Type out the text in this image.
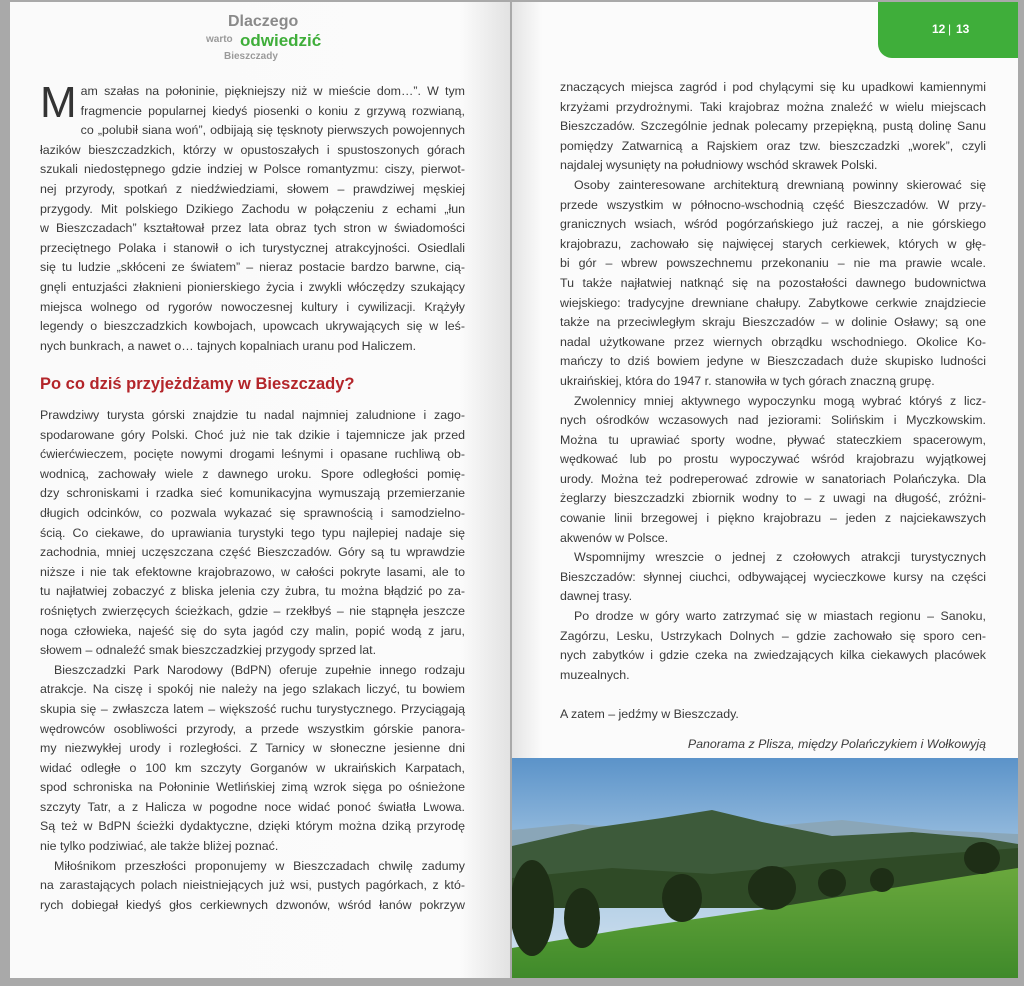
Dlaczego
warto odwiedzić
Bieszczady
M am szałas na połoninie, piękniejszy niż w mieście dom…”. W tym
fragmencie popularnej kiedyś piosenki o koniu z grzywą rozwianą,
co „polubił siana woń”, odbijają się tęsknoty pierwszych powojennych
łazików bieszczadzkich, którzy w opustoszałych i spustoszonych górach
szukali niedostępnego gdzie indziej w Polsce romantyzmu: ciszy, pierwot-
nej przyrody, spotkań z niedźwiedziami, słowem – prawdziwej męskiej
przygody. Mit polskiego Dzikiego Zachodu w połączeniu z echami „łun
w Bieszczadach” kształtował przez lata obraz tych stron w świadomości
przeciętnego Polaka i stanowił o ich turystycznej atrakcyjności. Osiedlali
się tu ludzie „skłóceni ze światem” – nieraz postacie bardzo barwne, cią-
gnęli entuzjaści złaknieni pionierskiego życia i zwykli włóczędzy szukający
miejsca wolnego od rygorów nowoczesnej kultury i cywilizacji. Krążyły
legendy o bieszczadzkich kowbojach, upowcach ukrywających się w leś-
nych bunkrach, a nawet o… tajnych kopalniach uranu pod Haliczem.
Po co dziś przyjeżdżamy w Bieszczady?
Prawdziwy turysta górski znajdzie tu nadal najmniej zaludnione i zago-
spodarowane góry Polski. Choć już nie tak dzikie i tajemnicze jak przed
ćwierćwieczem, pocięte nowymi drogami leśnymi i opasane ruchliwą ob-
wodnicą, zachowały wiele z dawnego uroku. Spore odległości pomię-
dzy schroniskami i rzadka sieć komunikacyjna wymuszają przemierzanie
długich odcinków, co pozwala wykazać się sprawnością i samodzielno-
ścią. Co ciekawe, do uprawiania turystyki tego typu najlepiej nadaje się
zachodnia, mniej uczęszczana część Bieszczadów. Góry są tu wprawdzie
niższe i nie tak efektowne krajobrazowo, w całości pokryte lasami, ale to
tu najłatwiej zobaczyć z bliska jelenia czy żubra, tu można błądzić po za-
rośniętych zwierzęcych ścieżkach, gdzie – rzekłbyś – nie stąpnęła jeszcze
noga człowieka, najeść się do syta jagód czy malin, popić wodą z jaru,
słowem – odnaleźć smak bieszczadzkiej przygody sprzed lat.
Bieszczadzki Park Narodowy (BdPN) oferuje zupełnie innego rodzaju
atrakcje. Na ciszę i spokój nie należy na jego szlakach liczyć, tu bowiem
skupia się – zwłaszcza latem – większość ruchu turystycznego. Przyciągają
wędrowców osobliwości przyrody, a przede wszystkim górskie panora-
my niezwykłej urody i rozległości. Z Tarnicy w słoneczne jesienne dni
widać odległe o 100 km szczyty Gorganów w ukraińskich Karpatach,
spod schroniska na Połoninie Wetlińskiej zimą wzrok sięga po ośnieżone
szczyty Tatr, a z Halicza w pogodne noce widać ponoć światła Lwowa.
Są też w BdPN ścieżki dydaktyczne, dzięki którym można dziką przyrodę
nie tylko podziwiać, ale także bliżej poznać.
Miłośnikom przeszłości proponujemy w Bieszczadach chwilę zadumy
na zarastających polach nieistniejących już wsi, pustych pagórkach, z któ-
rych dobiegał kiedyś głos cerkiewnych dzwonów, wśród łanów pokrzyw
12 | 13
znaczących miejsca zagród i pod chylącymi się ku upadkowi kamiennymi
krzyżami przydrożnymi. Taki krajobraz można znaleźć w wielu miejscach
Bieszczadów. Szczególnie jednak polecamy przepiękną, pustą dolinę Sanu
pomiędzy Zatwarnicą a Rajskiem oraz tzw. bieszczadzki „worek”, czyli
najdalej wysunięty na południowy wschód skrawek Polski.
Osoby zainteresowane architekturą drewnianą powinny skierować się
przede wszystkim w północno-wschodnią część Bieszczadów. W przy-
granicznych wsiach, wśród pogórzańskiego już raczej, a nie górskiego
krajobrazu, zachowało się najwięcej starych cerkiewek, których w głę-
bi gór – wbrew powszechnemu przekonaniu – nie ma prawie wcale.
Tu także najłatwiej natknąć się na pozostałości dawnego budownictwa
wiejskiego: tradycyjne drewniane chałupy. Zabytkowe cerkwie znajdziecie
także na przeciwległym skraju Bieszczadów – w dolinie Osławy; są one
nadal użytkowane przez wiernych obrządku wschodniego. Okolice Ko-
mańczy to dziś bowiem jedyne w Bieszczadach duże skupisko ludności
ukraińskiej, która do 1947 r. stanowiła w tych górach znaczną grupę.
Zwolennicy mniej aktywnego wypoczynku mogą wybrać któryś z licz-
nych ośrodków wczasowych nad jeziorami: Solińskim i Myczkowskim.
Można tu uprawiać sporty wodne, pływać stateczkiem spacerowym,
wędkować lub po prostu wypoczywać wśród krajobrazu wyjątkowej
urody. Można też podreperować zdrowie w sanatoriach Polańczyka. Dla
żeglarzy bieszczadzki zbiornik wodny to – z uwagi na długość, zróżni-
cowanie linii brzegowej i piękno krajobrazu – jeden z najciekawszych
akwenów w Polsce.
Wspomnijmy wreszcie o jednej z czołowych atrakcji turystycznych
Bieszczadów: słynnej ciuchci, odbywającej wycieczkowe kursy na części
dawnej trasy.
Po drodze w góry warto zatrzymać się w miastach regionu – Sanoku,
Zagórzu, Lesku, Ustrzykach Dolnych – gdzie zachowało się sporo cen-
nych zabytków i gdzie czeka na zwiedzających kilka ciekawych placówek
muzealnych.
A zatem – jedźmy w Bieszczady.
Panorama z Plisza, między Polańczykiem i Wołkowyją
